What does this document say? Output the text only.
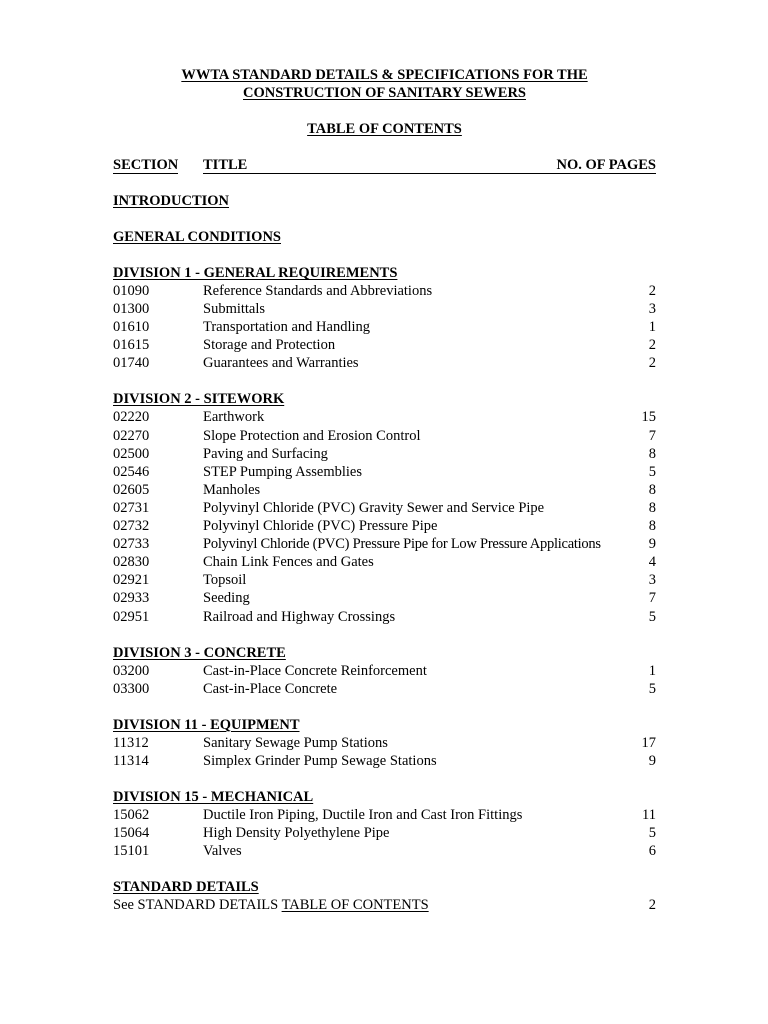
WWTA STANDARD DETAILS & SPECIFICATIONS FOR THE
CONSTRUCTION OF SANITARY SEWERS
TABLE OF CONTENTS
SECTION TITLE	NO. OF PAGES
INTRODUCTION
GENERAL CONDITIONS
DIVISION 1 - GENERAL REQUIREMENTS
01090	Reference Standards and Abbreviations	2
01300	Submittals	3
01610	Transportation and Handling	1
01615	Storage and Protection	2
01740	Guarantees and Warranties	2
DIVISION 2 - SITEWORK
02220	Earthwork	15
02270	Slope Protection and Erosion Control	7
02500	Paving and Surfacing	8
02546	STEP Pumping Assemblies	5
02605	Manholes	8
02731	Polyvinyl Chloride (PVC) Gravity Sewer and Service Pipe	8
02732	Polyvinyl Chloride (PVC) Pressure Pipe	8
02733	Polyvinyl Chloride (PVC) Pressure Pipe for Low Pressure Applications	9
02830	Chain Link Fences and Gates	4
02921	Topsoil	3
02933	Seeding	7
02951	Railroad and Highway Crossings	5
DIVISION 3 - CONCRETE
03200	Cast-in-Place Concrete Reinforcement	1
03300	Cast-in-Place Concrete	5
DIVISION 11 - EQUIPMENT
11312	Sanitary Sewage Pump Stations	17
11314	Simplex Grinder Pump Sewage Stations	9
DIVISION 15 - MECHANICAL
15062	Ductile Iron Piping, Ductile Iron and Cast Iron Fittings	11
15064	High Density Polyethylene Pipe	5
15101	Valves	6
STANDARD DETAILS
See STANDARD DETAILS TABLE OF CONTENTS	2
